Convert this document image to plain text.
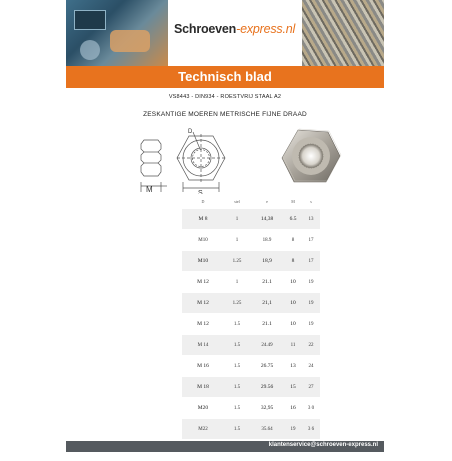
Schroeven-express.nl
Technisch blad
VS8443 - DIN934 - ROESTVRIJ STAAL A2
ZESKANTIGE MOEREN METRISCHE FIJNE DRAAD
M
D
D	stel	e	M	s
M 8	1	14,38	6.5	13
M10	1	18.9	8	17
M10	1.25	18,9	8	17
M 12	1	21.1	10	19
M 12	1.25	21,1	10	19
M 12	1.5	21.1	10	19
M 14	1.5	24.49	11	22
M 16	1.5	26.75	13	24
M 18	1.5	29.56	15	27
M20	1.5	32,95	16	3 0
M22	1.5	35.64	19	3 6

klantenservice@schroeven-express.nl
